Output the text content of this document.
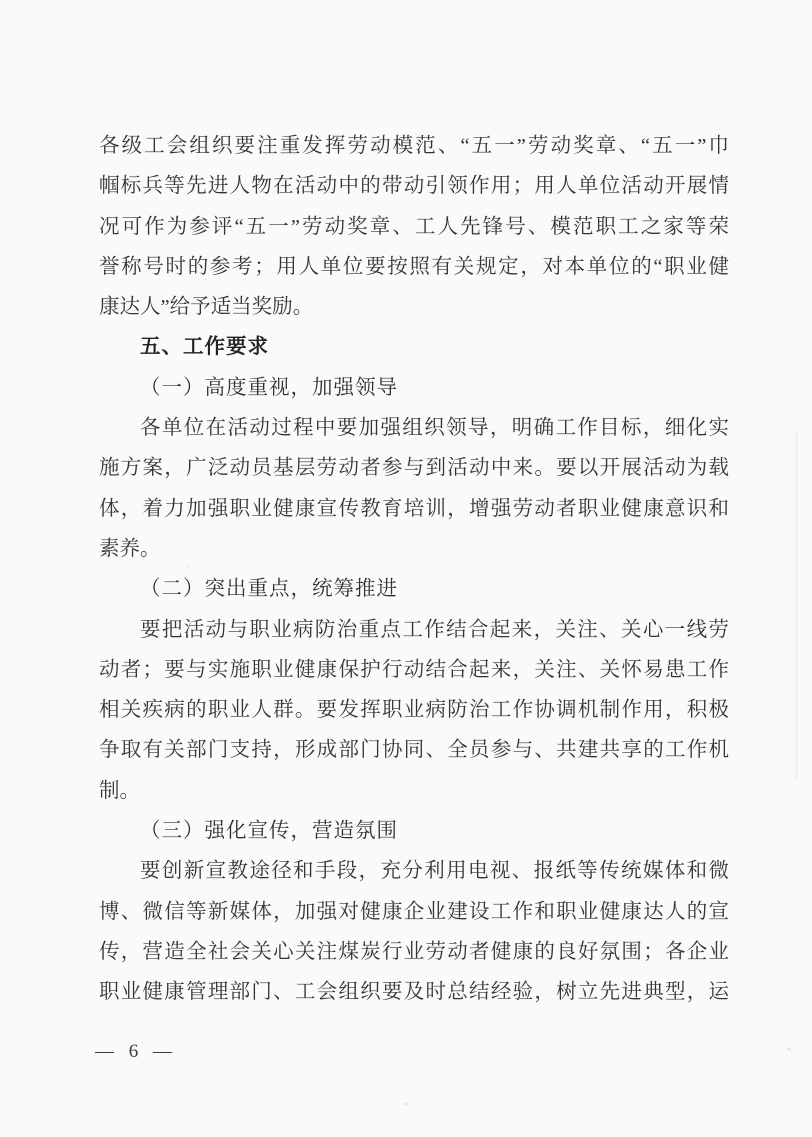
各级工会组织要注重发挥劳动模范、“五一”劳动奖章、“五一”巾
帼标兵等先进人物在活动中的带动引领作用；用人单位活动开展情
况可作为参评“五一”劳动奖章、工人先锋号、模范职工之家等荣
誉称号时的参考；用人单位要按照有关规定，对本单位的“职业健
康达人”给予适当奖励。
五、工作要求
（一）高度重视，加强领导
各单位在活动过程中要加强组织领导，明确工作目标，细化实
施方案，广泛动员基层劳动者参与到活动中来。要以开展活动为载
体，着力加强职业健康宣传教育培训，增强劳动者职业健康意识和
素养。
（二）突出重点，统筹推进
要把活动与职业病防治重点工作结合起来，关注、关心一线劳
动者；要与实施职业健康保护行动结合起来，关注、关怀易患工作
相关疾病的职业人群。要发挥职业病防治工作协调机制作用，积极
争取有关部门支持，形成部门协同、全员参与、共建共享的工作机
制。
（三）强化宣传，营造氛围
要创新宣教途径和手段，充分利用电视、报纸等传统媒体和微
博、微信等新媒体，加强对健康企业建设工作和职业健康达人的宣
传，营造全社会关心关注煤炭行业劳动者健康的良好氛围；各企业
职业健康管理部门、工会组织要及时总结经验，树立先进典型，运
— 6 —
